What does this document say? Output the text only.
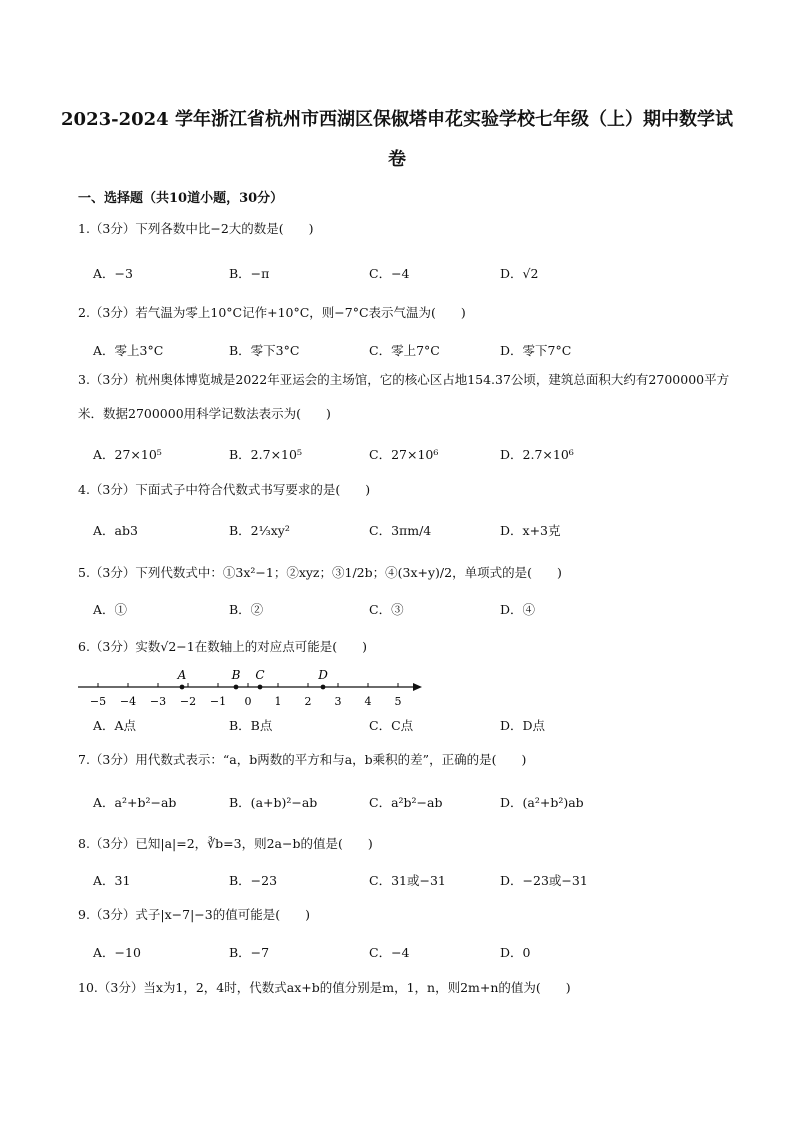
2023-2024 学年浙江省杭州市西湖区保俶塔申花实验学校七年级（上）期中数学试卷
一、选择题（共10道小题，30分）
1.（3分）下列各数中比−2大的数是(　　)
A．−3	B．−π	C．−4	D．√2
2.（3分）若气温为零上10°C记作+10°C，则−7°C表示气温为(　　)
A．零上3°C	B．零下3°C	C．零上7°C	D．零下7°C
3.（3分）杭州奥体博览城是2022年亚运会的主场馆，它的核心区占地154.37公顷，建筑总面积大约有2700000平方米．数据2700000用科学记数法表示为(　　)
A．27×10⁵	B．2.7×10⁵	C．27×10⁶	D．2.7×10⁶
4.（3分）下面式子中符合代数式书写要求的是(　　)
A．ab3	B．2⅓xy²	C．3πm/4	D．x+3克
5.（3分）下列代数式中：①3x²−1；②xyz；③1/2b；④(3x+y)/2，单项式的是(　　)
A．①	B．②	C．③	D．④
6.（3分）实数√2−1在数轴上的对应点可能是(　　)
−5 −4 −3 −2 −1 0 1 2 3 4 5
A	B C	D
A．A点	B．B点	C．C点	D．D点
7.（3分）用代数式表示：“a，b两数的平方和与a，b乘积的差”，正确的是(　　)
A．a²+b²−ab	B．(a+b)²−ab	C．a²b²−ab	D．(a²+b²)ab
8.（3分）已知|a|=2，∛b=3，则2a−b的值是(　　)
A．31	B．−23	C．31或−31	D．−23或−31
9.（3分）式子|x−7|−3的值可能是(　　)
A．−10	B．−7	C．−4	D．0
10.（3分）当x为1，2，4时，代数式ax+b的值分别是m，1，n，则2m+n的值为(　　)
